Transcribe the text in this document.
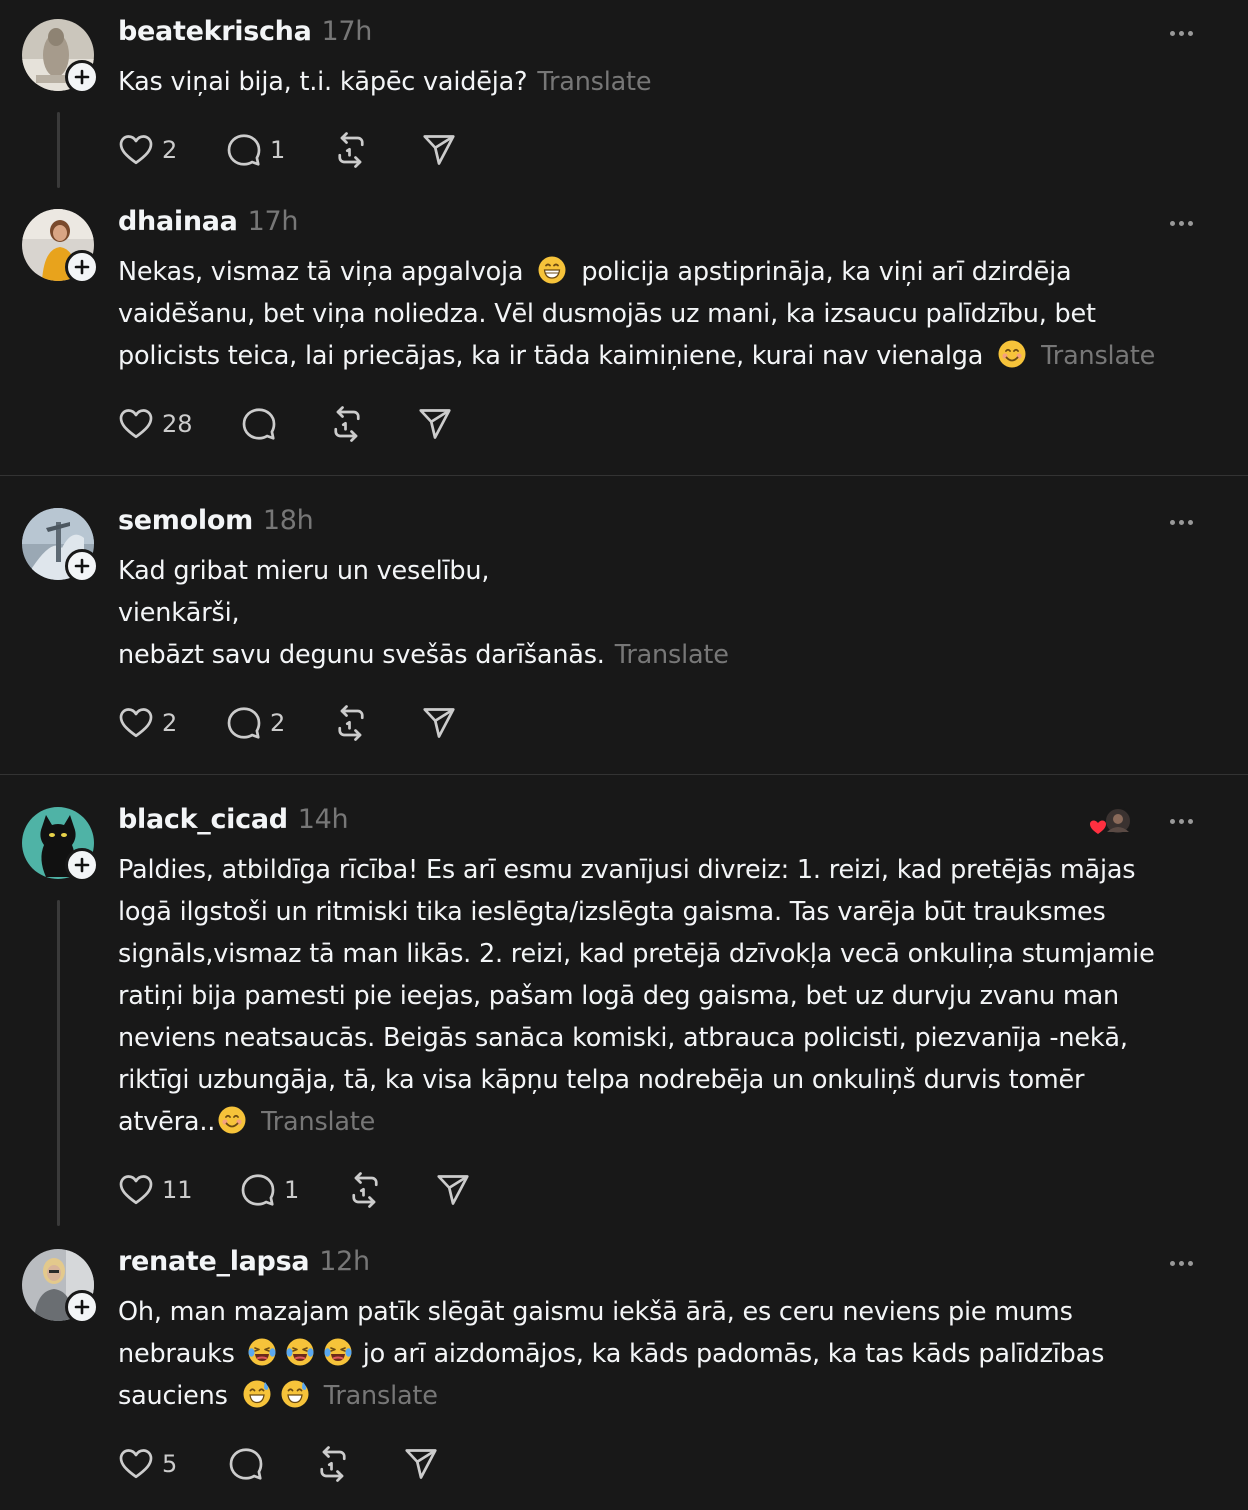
beatekrischa 17h
Kas viņai bija, t.i. kāpēc vaidēja? Translate
2	1
dhainaa 17h
Nekas, vismaz tā viņa apgalvoja policija apstiprināja, ka viņi arī dzirdēja
vaidēšanu, bet viņa noliedza. Vēl dusmojās uz mani, ka izsaucu palīdzību, bet
policists teica, lai priecājas, ka ir tāda kaimiņiene, kurai nav vienalga Translate
28
semolom 18h
Kad gribat mieru un veselību,
vienkārši,
nebāzt savu degunu svešās darīšanās. Translate
2	2
black_cicad 14h
Paldies, atbildīga rīcība! Es arī esmu zvanījusi divreiz: 1. reizi, kad pretējās mājas
logā ilgstoši un ritmiski tika ieslēgta/izslēgta gaisma. Tas varēja būt trauksmes
signāls,vismaz tā man likās. 2. reizi, kad pretējā dzīvokļa vecā onkuliņa stumjamie
ratiņi bija pamesti pie ieejas, pašam logā deg gaisma, bet uz durvju zvanu man
neviens neatsaucās. Beigās sanāca komiski, atbrauca policisti, piezvanīja -nekā,
riktīgi uzbungāja, tā, ka visa kāpņu telpa nodrebēja un onkuliņš durvis tomēr
atvēra.. Translate
11	1
renate_lapsa 12h
Oh, man mazajam patīk slēgāt gaismu iekšā ārā, es ceru neviens pie mums
nebrauks	jo arī aizdomājos, ka kāds padomās, ka tas kāds palīdzības
sauciens	Translate
5
